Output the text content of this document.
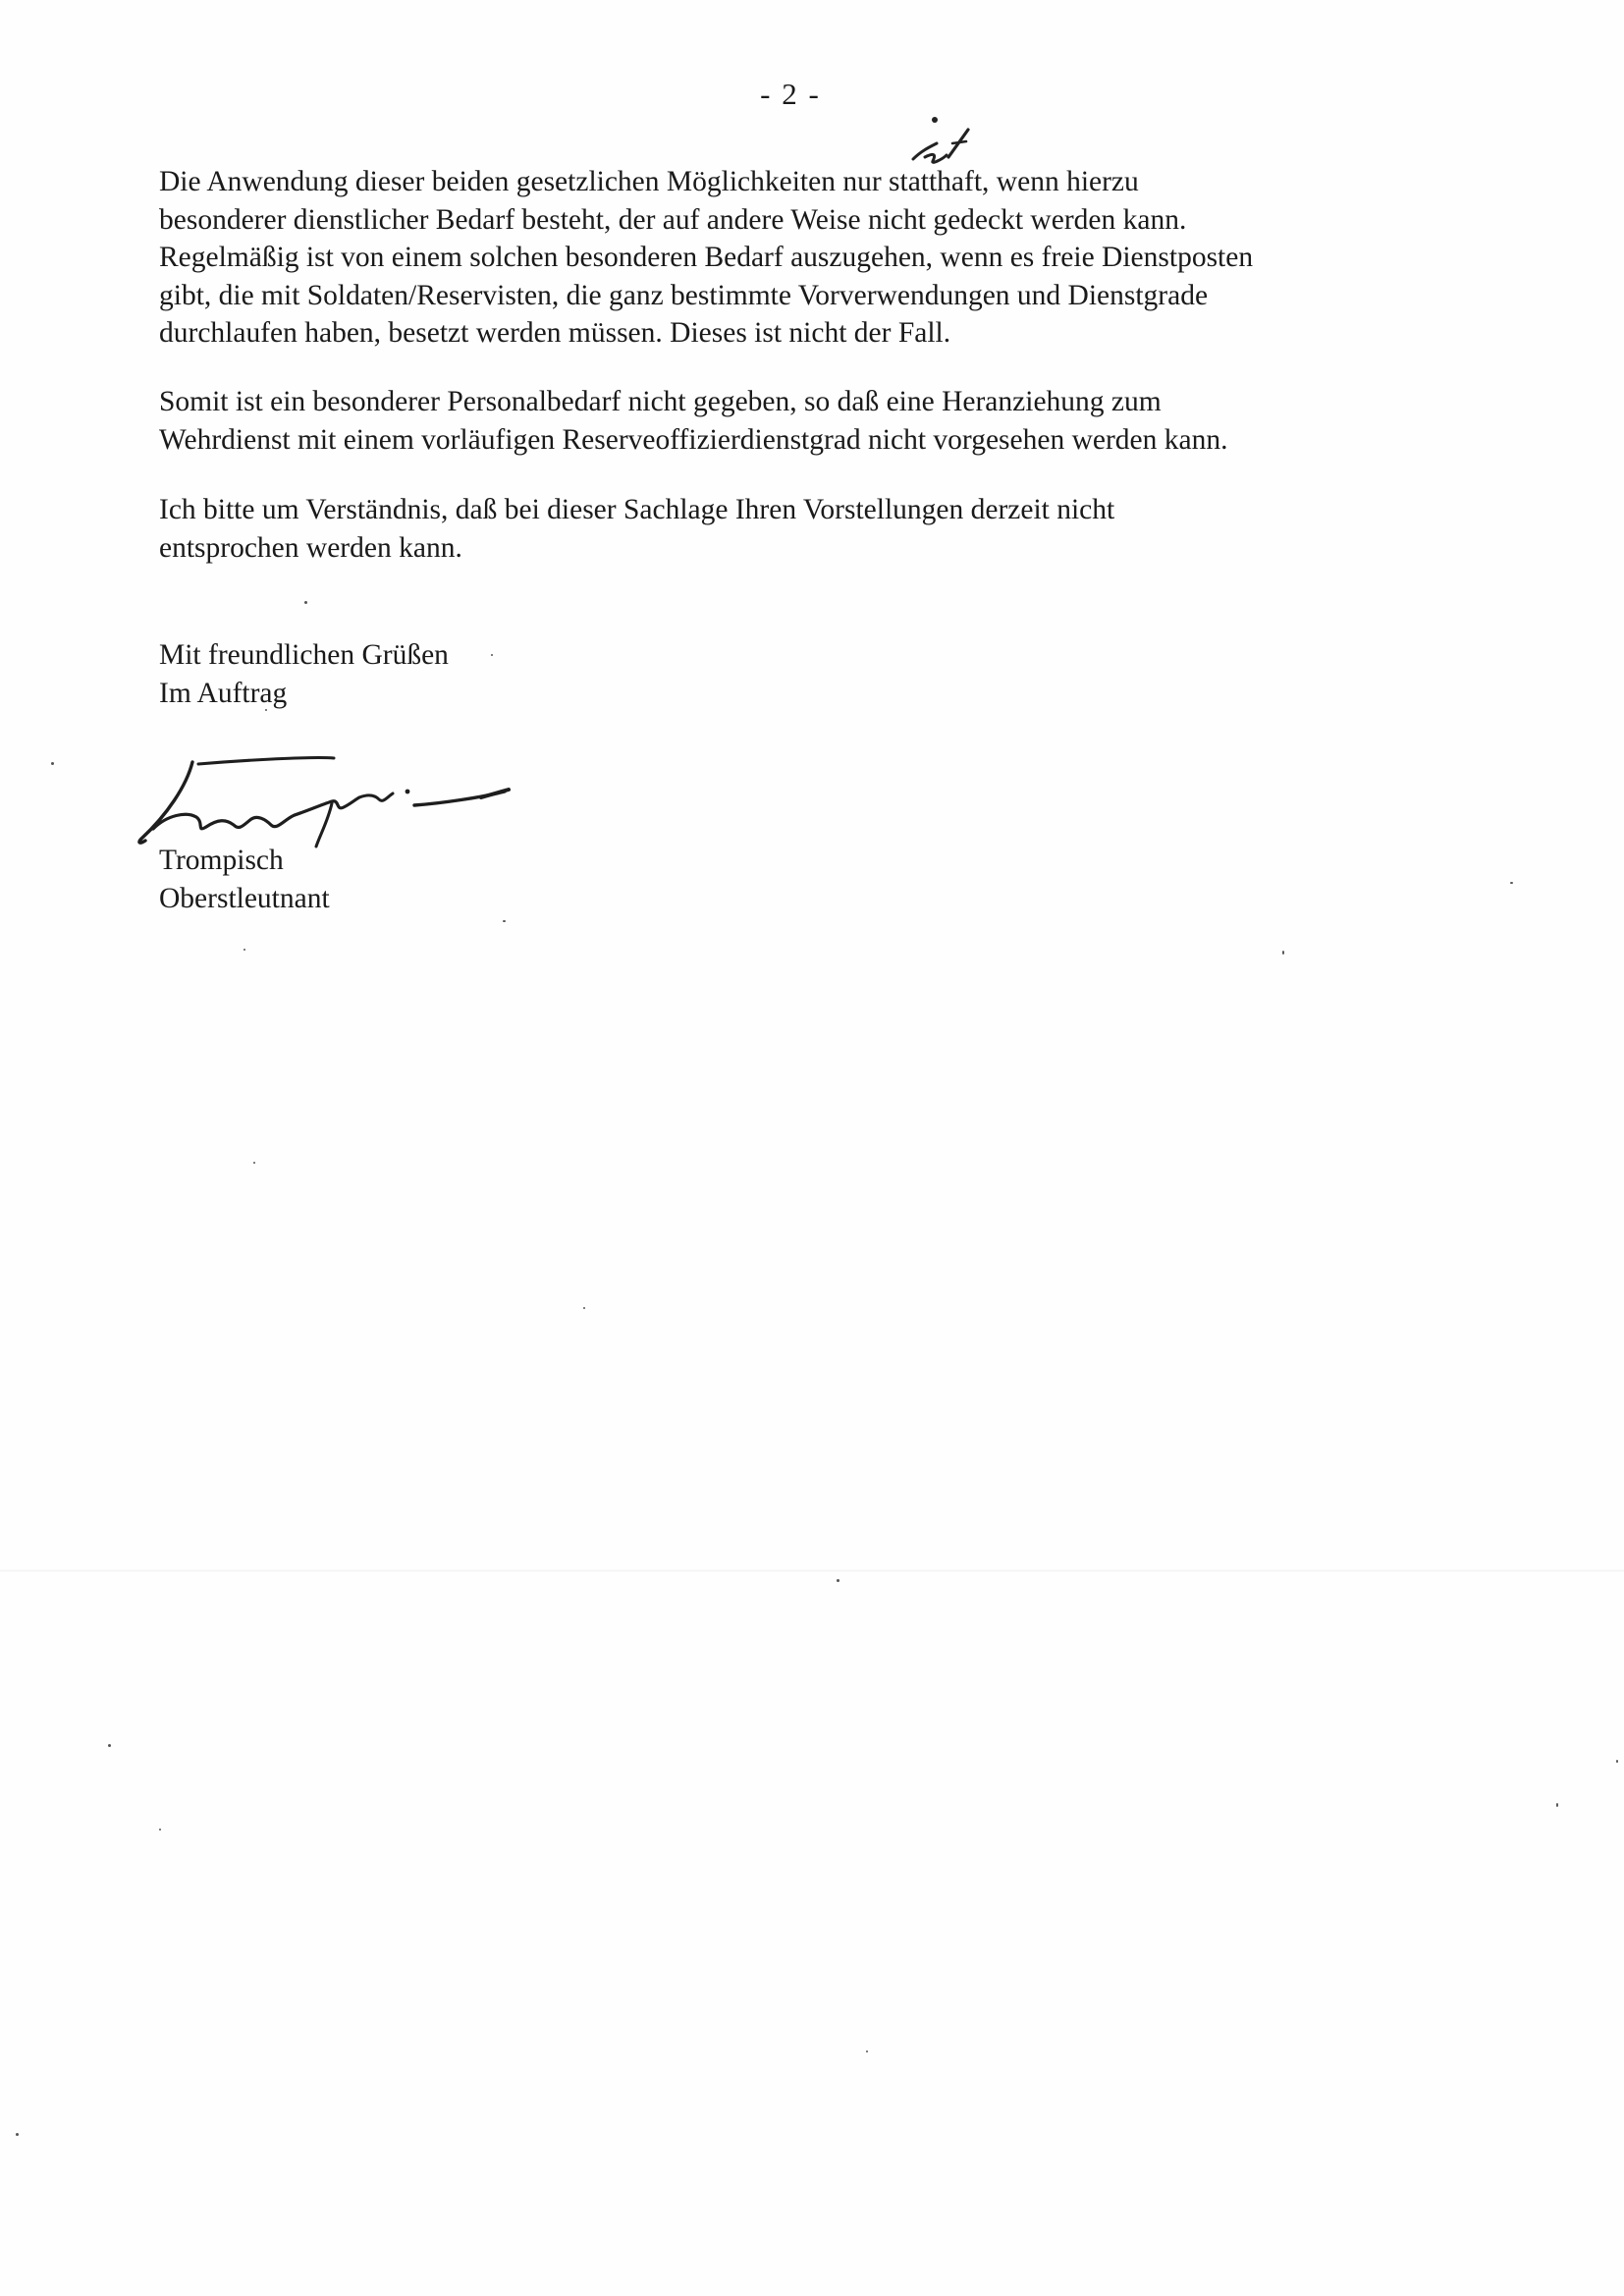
- 2 -
Die Anwendung dieser beiden gesetzlichen Möglichkeiten nur statthaft, wenn hierzu
besonderer dienstlicher Bedarf besteht, der auf andere Weise nicht gedeckt werden kann.
Regelmäßig ist von einem solchen besonderen Bedarf auszugehen, wenn es freie Dienstposten
gibt, die mit Soldaten/Reservisten, die ganz bestimmte Vorverwendungen und Dienstgrade
durchlaufen haben, besetzt werden müssen. Dieses ist nicht der Fall.
Somit ist ein besonderer Personalbedarf nicht gegeben, so daß eine Heranziehung zum
Wehrdienst mit einem vorläufigen Reserveoffizierdienstgrad nicht vorgesehen werden kann.
Ich bitte um Verständnis, daß bei dieser Sachlage Ihren Vorstellungen derzeit nicht
entsprochen werden kann.
Mit freundlichen Grüßen
Im Auftrag
Trompisch
Oberstleutnant
